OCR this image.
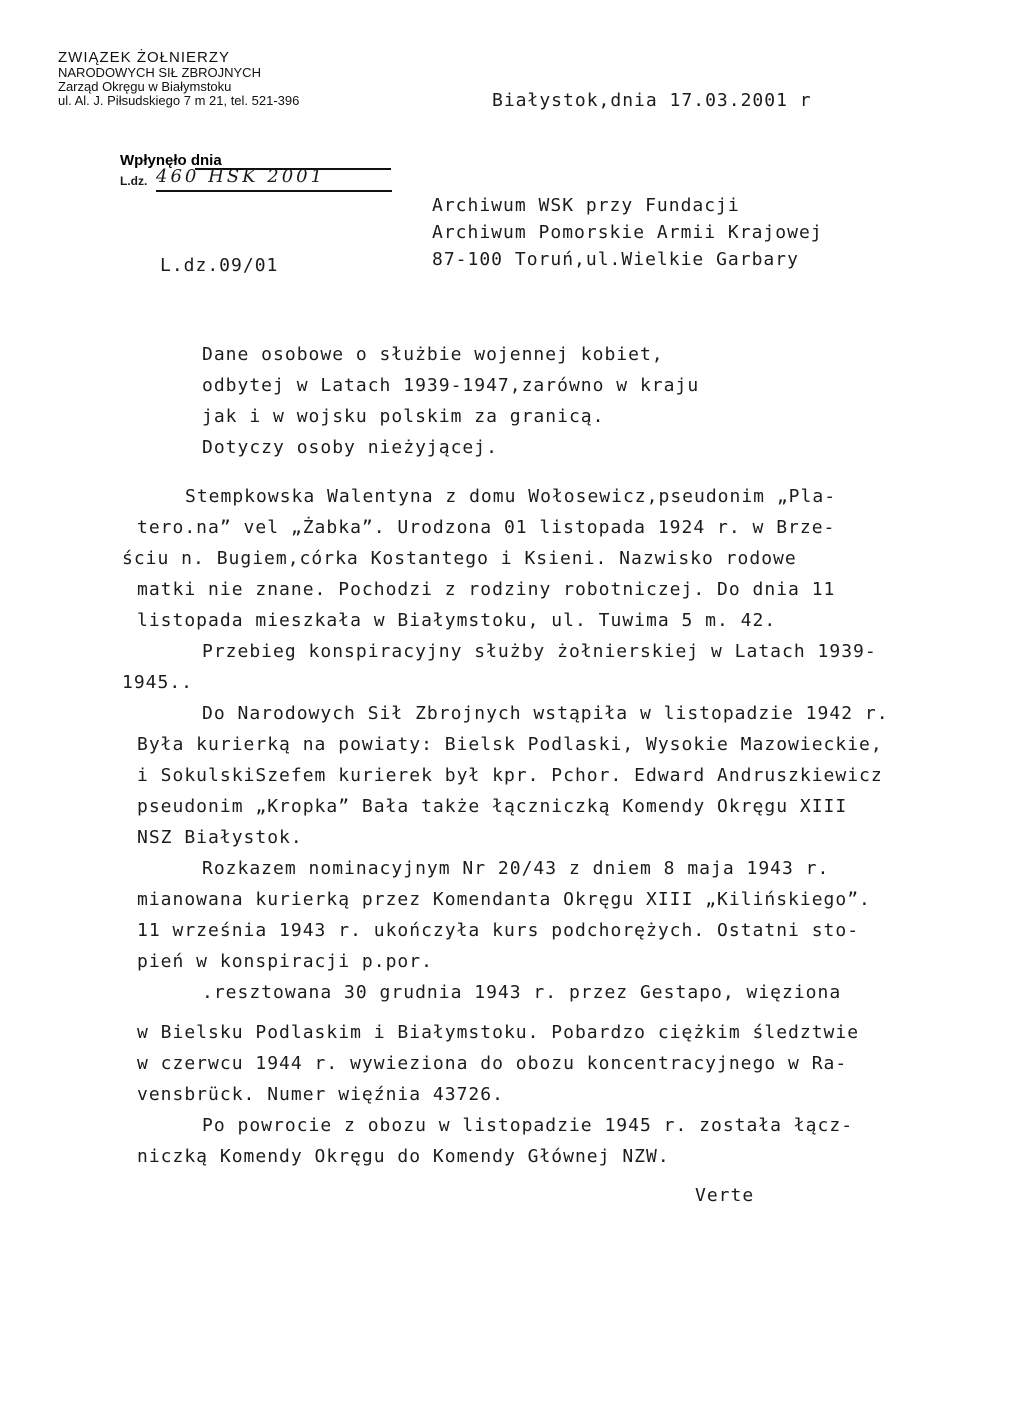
ZWIĄZEK ŻOŁNIERZY
NARODOWYCH SIŁ ZBROJNYCH
Zarząd Okręgu w Białymstoku
ul. Al. J. Piłsudskiego 7 m 21, tel. 521-396	Białystok,dnia 17.03.2001 r
Wpłynęło dnia
L.dz. 460 HSK 2001
L.dz.09/01
Archiwum WSK przy Fundacji
Archiwum Pomorskie Armii Krajowej
87-100 Toruń,ul.Wielkie Garbary
Dane osobowe o służbie wojennej kobiet,
odbytej w Latach 1939-1947,zarówno w kraju
jak i w wojsku polskim za granicą.
Dotyczy osoby nieżyjącej.
Stempkowska Walentyna z domu Wołosewicz,pseudonim „Pla-
tero.na” vel „Żabka”. Urodzona 01 listopada 1924 r. w Brze-
ściu n. Bugiem,córka Kostantego i Ksieni. Nazwisko rodowe
matki nie znane. Pochodzi z rodziny robotniczej. Do dnia 11
listopada mieszkała w Białymstoku, ul. Tuwima 5 m. 42.
Przebieg konspiracyjny służby żołnierskiej w Latach 1939-
1945..
Do Narodowych Sił Zbrojnych wstąpiła w listopadzie 1942 r.
Była kurierką na powiaty: Bielsk Podlaski, Wysokie Mazowieckie,
i SokulskiSzefem kurierek był kpr. Pchor. Edward Andruszkiewicz
pseudonim „Kropka” Bała także łączniczką Komendy Okręgu XIII
NSZ Białystok.
Rozkazem nominacyjnym Nr 20/43 z dniem 8 maja 1943 r.
mianowana kurierką przez Komendanta Okręgu XIII „Kilińskiego”.
11 września 1943 r. ukończyła kurs podchorężych. Ostatni sto-
pień w konspiracji p.por.
.resztowana 30 grudnia 1943 r. przez Gestapo, więziona
w Bielsku Podlaskim i Białymstoku. Pobardzo ciężkim śledztwie
w czerwcu 1944 r. wywieziona do obozu koncentracyjnego w Ra-
vensbrück. Numer więźnia 43726.
Po powrocie z obozu w listopadzie 1945 r. została łącz-
niczką Komendy Okręgu do Komendy Głównej NZW.
Verte
